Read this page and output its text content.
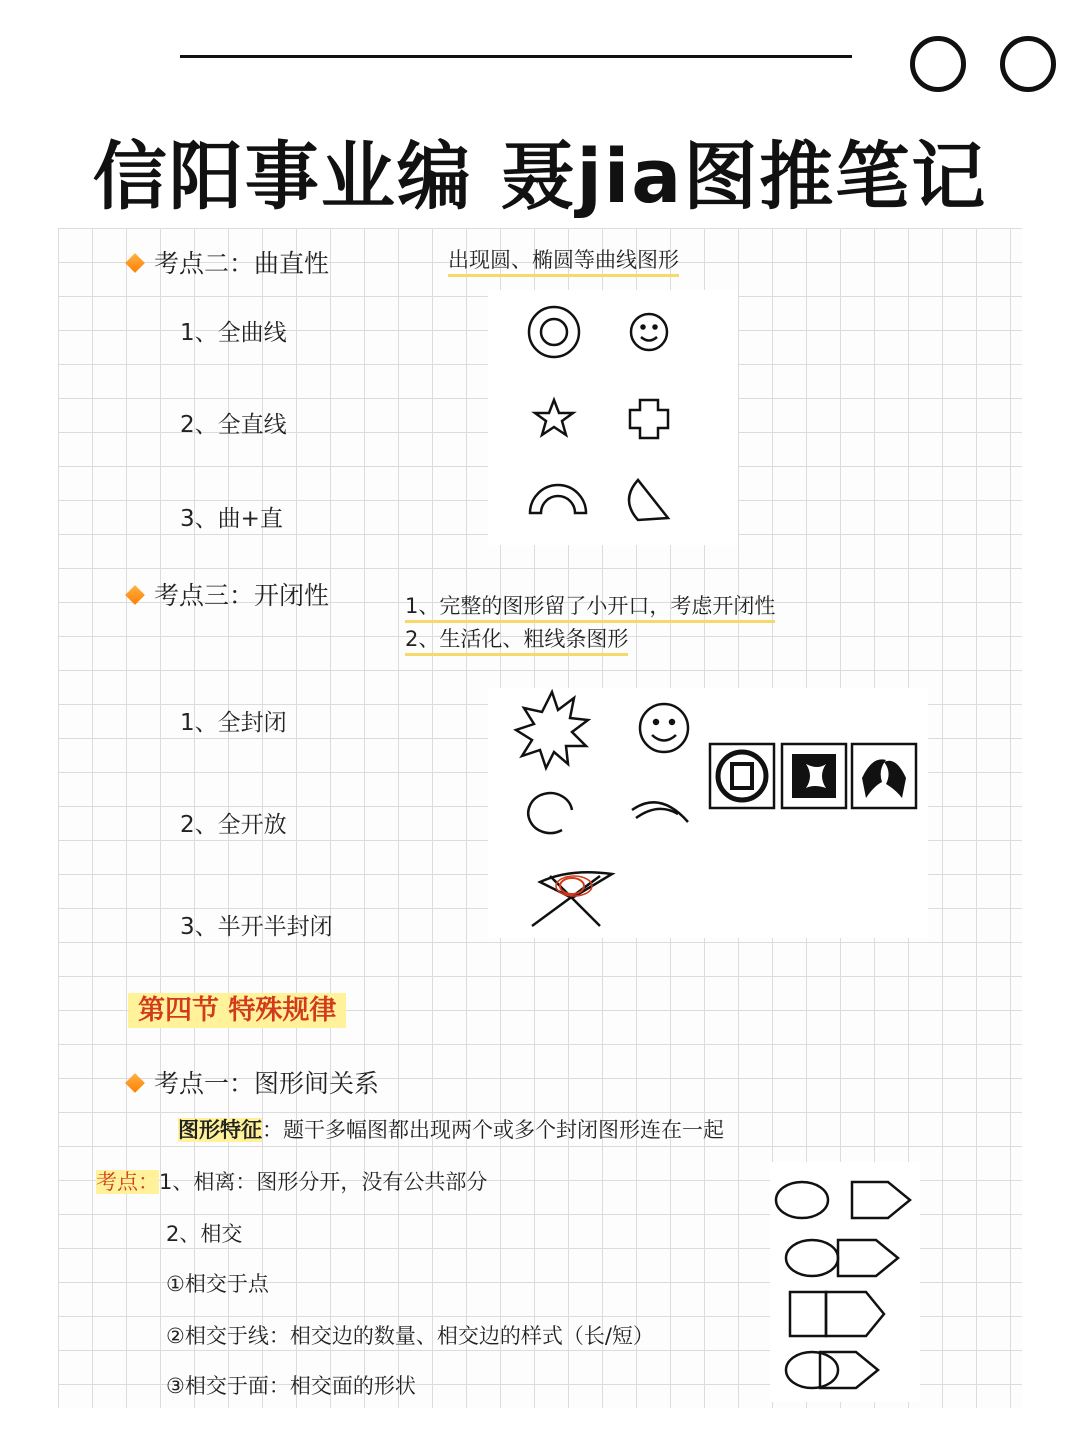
信阳事业编 聂jia图推笔记
考点二：曲直性	出现圆、椭圆等曲线图形
1、全曲线
2、全直线
3、曲+直
考点三：开闭性	1、完整的图形留了小开口，考虑开闭性
2、生活化、粗线条图形
1、全封闭
2、全开放
3、半开半封闭
第四节 特殊规律
考点一：图形间关系
图形特征：题干多幅图都出现两个或多个封闭图形连在一起
考点：1、相离：图形分开，没有公共部分
2、相交
①相交于点
②相交于线：相交边的数量、相交边的样式（长/短）
③相交于面：相交面的形状
